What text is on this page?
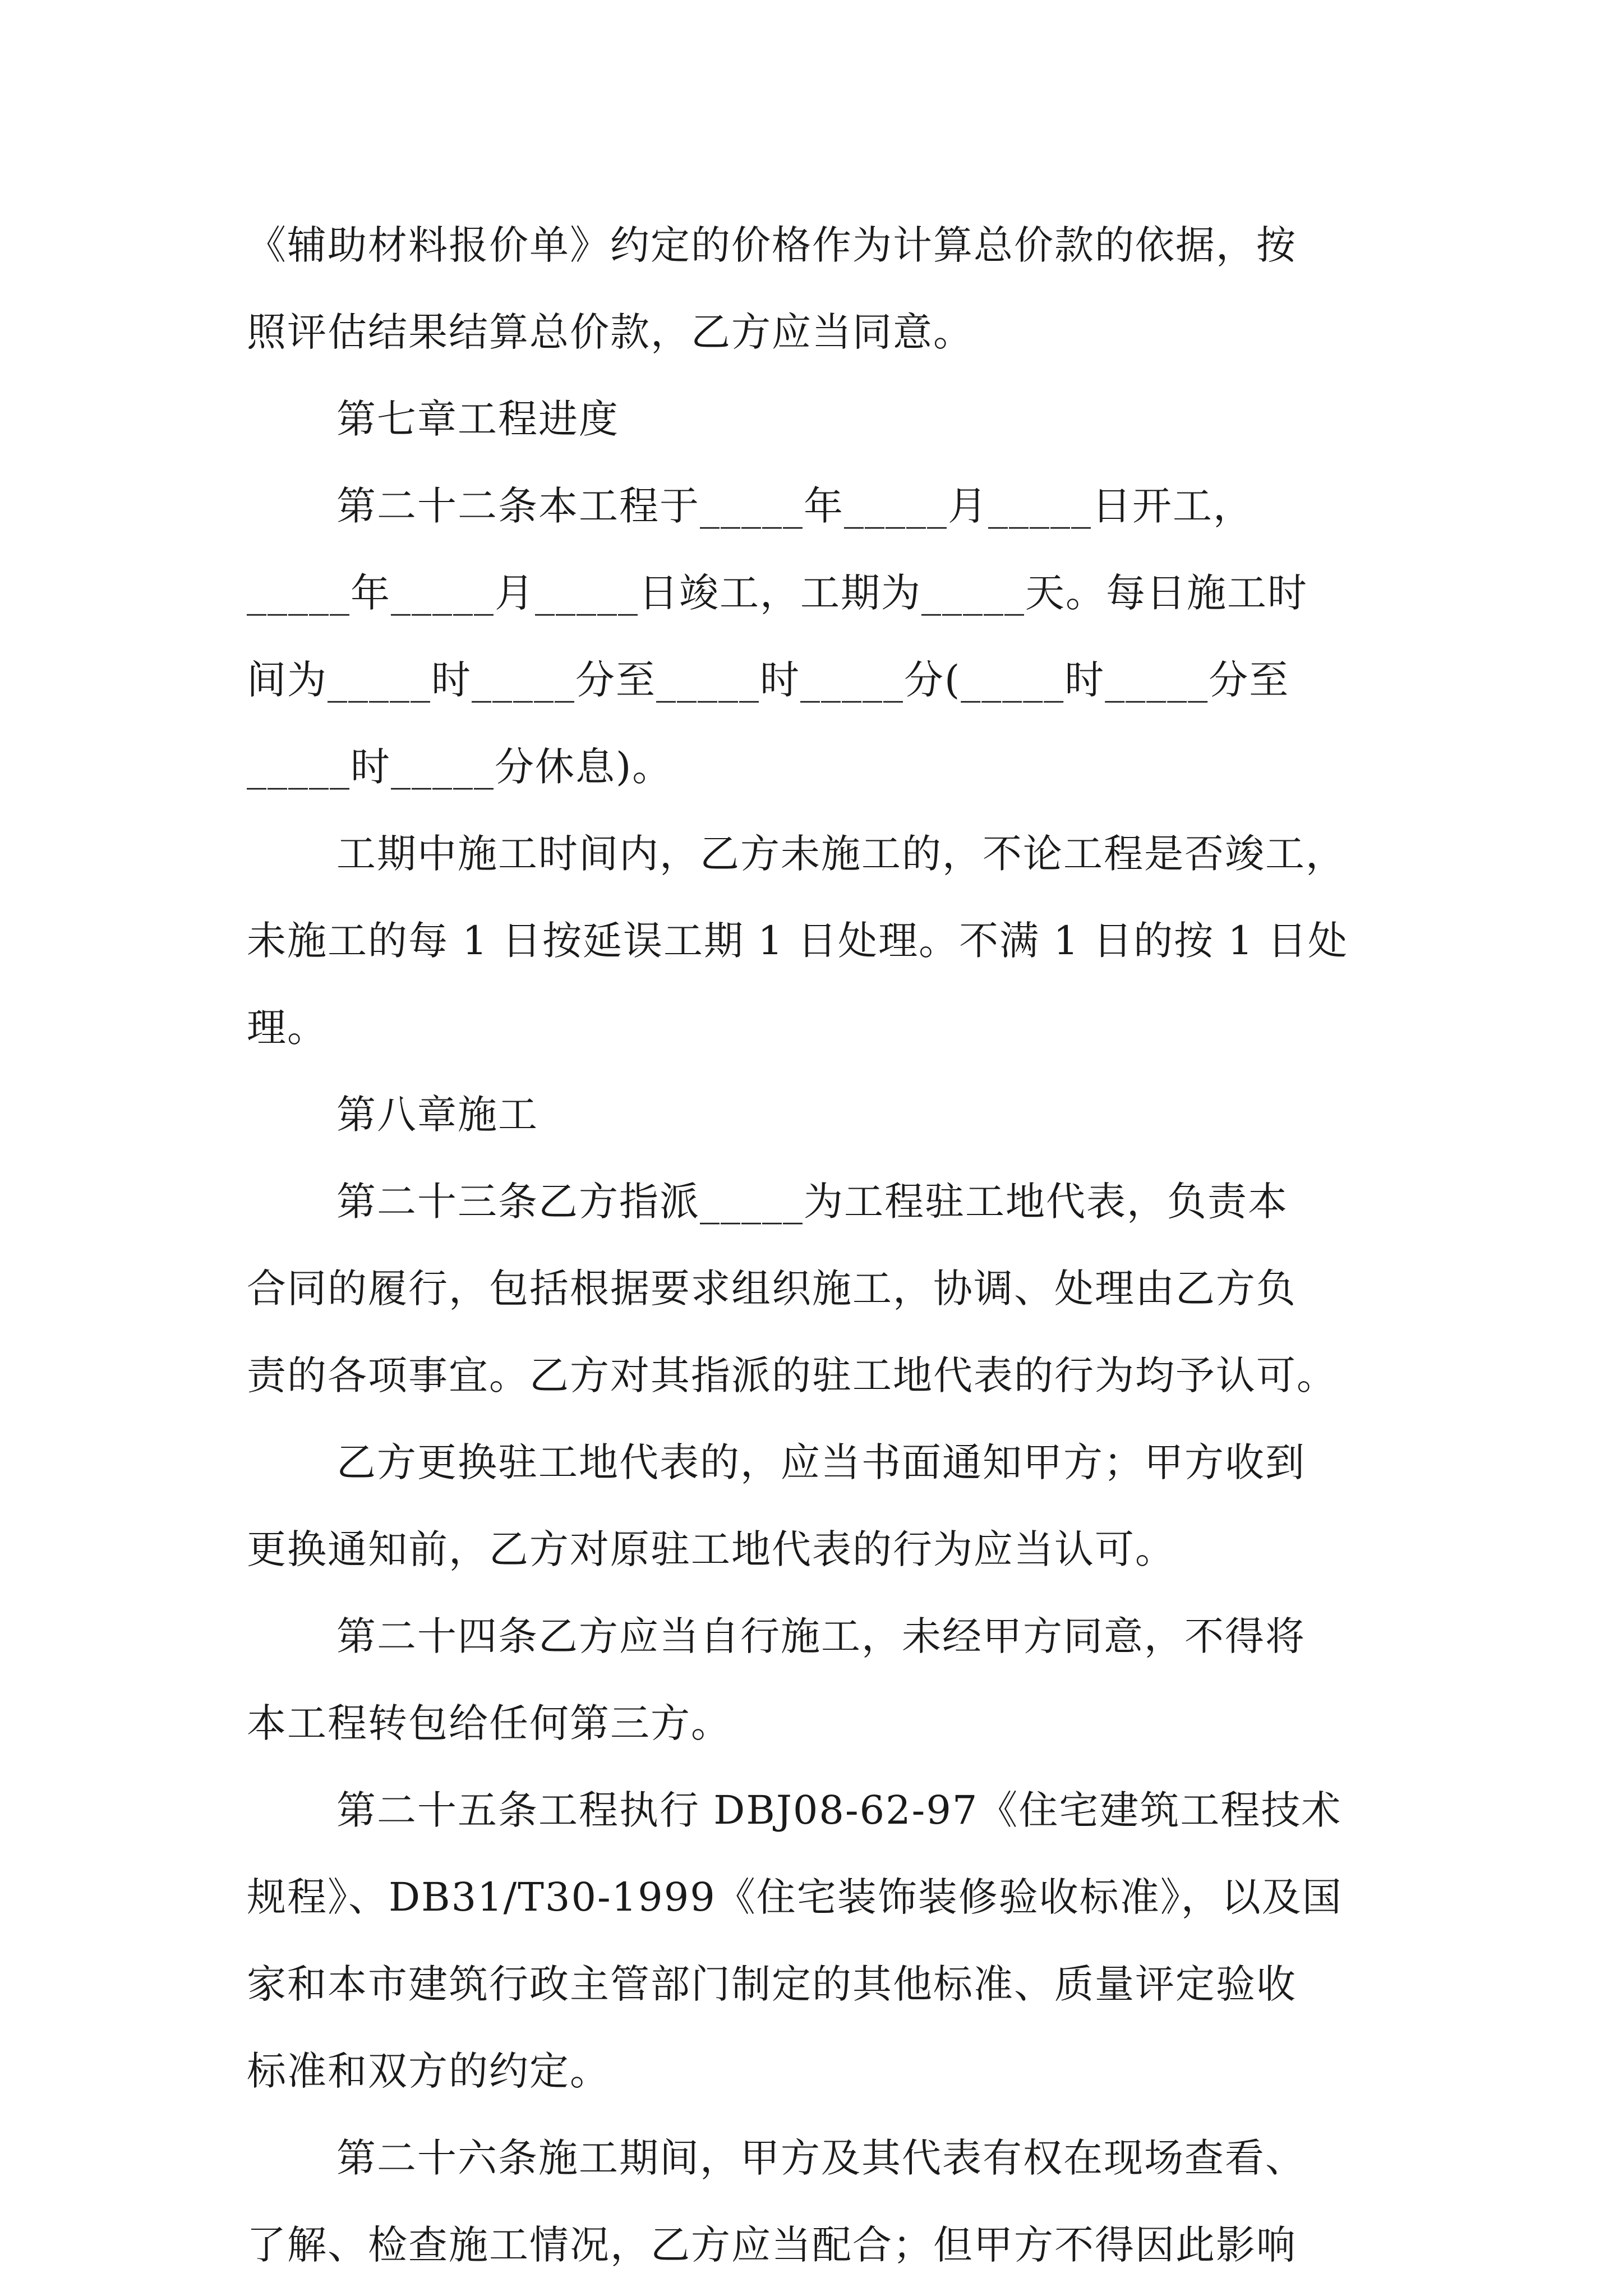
《辅助材料报价单》约定的价格作为计算总价款的依据，按
照评估结果结算总价款，乙方应当同意。
第七章工程进度
第二十二条本工程于_____年_____月_____日开工，
_____年_____月_____日竣工，工期为_____天。每日施工时
间为_____时_____分至_____时_____分(_____时_____分至
_____时_____分休息)。
工期中施工时间内，乙方未施工的，不论工程是否竣工，
未施工的每 1 日按延误工期 1 日处理。不满 1 日的按 1 日处
理。
第八章施工
第二十三条乙方指派_____为工程驻工地代表，负责本
合同的履行，包括根据要求组织施工，协调、处理由乙方负
责的各项事宜。乙方对其指派的驻工地代表的行为均予认可。
乙方更换驻工地代表的，应当书面通知甲方；甲方收到
更换通知前，乙方对原驻工地代表的行为应当认可。
第二十四条乙方应当自行施工，未经甲方同意，不得将
本工程转包给任何第三方。
第二十五条工程执行 DBJ08-62-97《住宅建筑工程技术
规程》、DB31/T30-1999《住宅装饰装修验收标准》，以及国
家和本市建筑行政主管部门制定的其他标准、质量评定验收
标准和双方的约定。
第二十六条施工期间，甲方及其代表有权在现场查看、
了解、检查施工情况，乙方应当配合；但甲方不得因此影响
